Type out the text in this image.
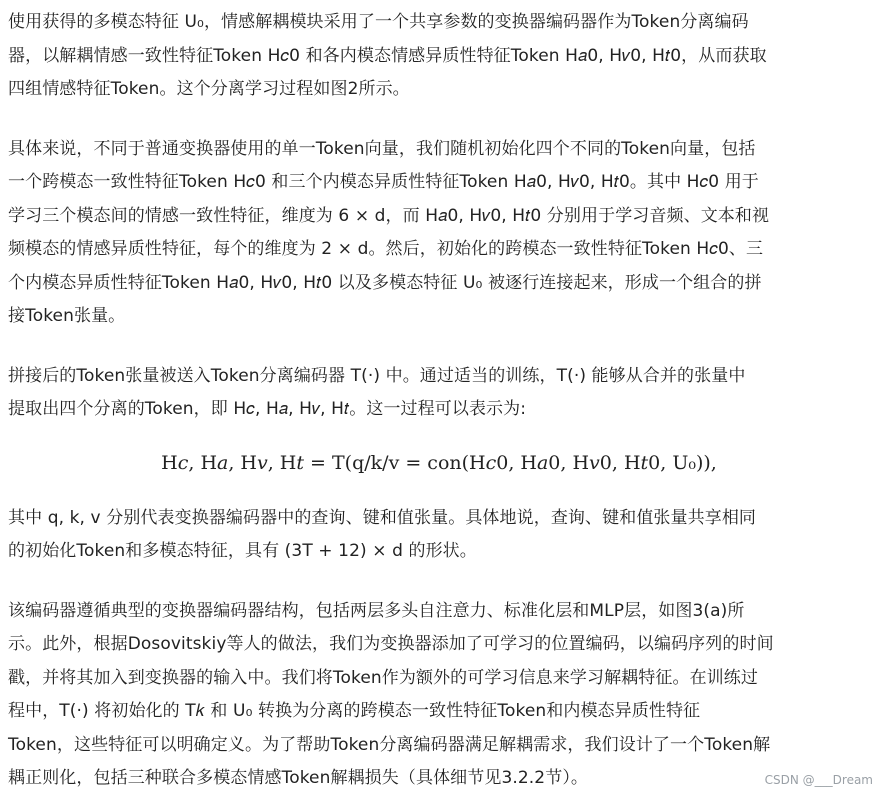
使用获得的多模态特征 U₀，情感解耦模块采用了一个共享参数的变换器编码器作为Token分离编码

器，以解耦情感一致性特征Token H𝑐0 和各内模态情感异质性特征Token H𝑎0, H𝑣0, H𝑡0，从而获取

四组情感特征Token。这个分离学习过程如图2所示。

具体来说，不同于普通变换器使用的单一Token向量，我们随机初始化四个不同的Token向量，包括

一个跨模态一致性特征Token H𝑐0 和三个内模态异质性特征Token H𝑎0, H𝑣0, H𝑡0。其中 H𝑐0 用于

学习三个模态间的情感一致性特征，维度为 6 × d，而 H𝑎0, H𝑣0, H𝑡0 分别用于学习音频、文本和视

频模态的情感异质性特征，每个的维度为 2 × d。然后，初始化的跨模态一致性特征Token H𝑐0、三

个内模态异质性特征Token H𝑎0, H𝑣0, H𝑡0 以及多模态特征 U₀ 被逐行连接起来，形成一个组合的拼

接Token张量。

拼接后的Token张量被送入Token分离编码器 T(·) 中。通过适当的训练，T(·) 能够从合并的张量中

提取出四个分离的Token，即 H𝑐, H𝑎, H𝑣, H𝑡。这一过程可以表示为:

H𝑐, H𝑎, H𝑣, H𝑡 = T(q/k/v = con(H𝑐0, H𝑎0, H𝑣0, H𝑡0, U₀)),

其中 q, k, v 分别代表变换器编码器中的查询、键和值张量。具体地说，查询、键和值张量共享相同

的初始化Token和多模态特征，具有 (3T + 12) × d 的形状。

该编码器遵循典型的变换器编码器结构，包括两层多头自注意力、标准化层和MLP层，如图3(a)所

示。此外，根据Dosovitskiy等人的做法，我们为变换器添加了可学习的位置编码，以编码序列的时间

戳，并将其加入到变换器的输入中。我们将Token作为额外的可学习信息来学习解耦特征。在训练过

程中，T(·) 将初始化的 T𝑘 和 U₀ 转换为分离的跨模态一致性特征Token和内模态异质性特征

Token，这些特征可以明确定义。为了帮助Token分离编码器满足解耦需求，我们设计了一个Token解

耦正则化，包括三种联合多模态情感Token解耦损失（具体细节见3.2.2节）。	CSDN @___Dream
